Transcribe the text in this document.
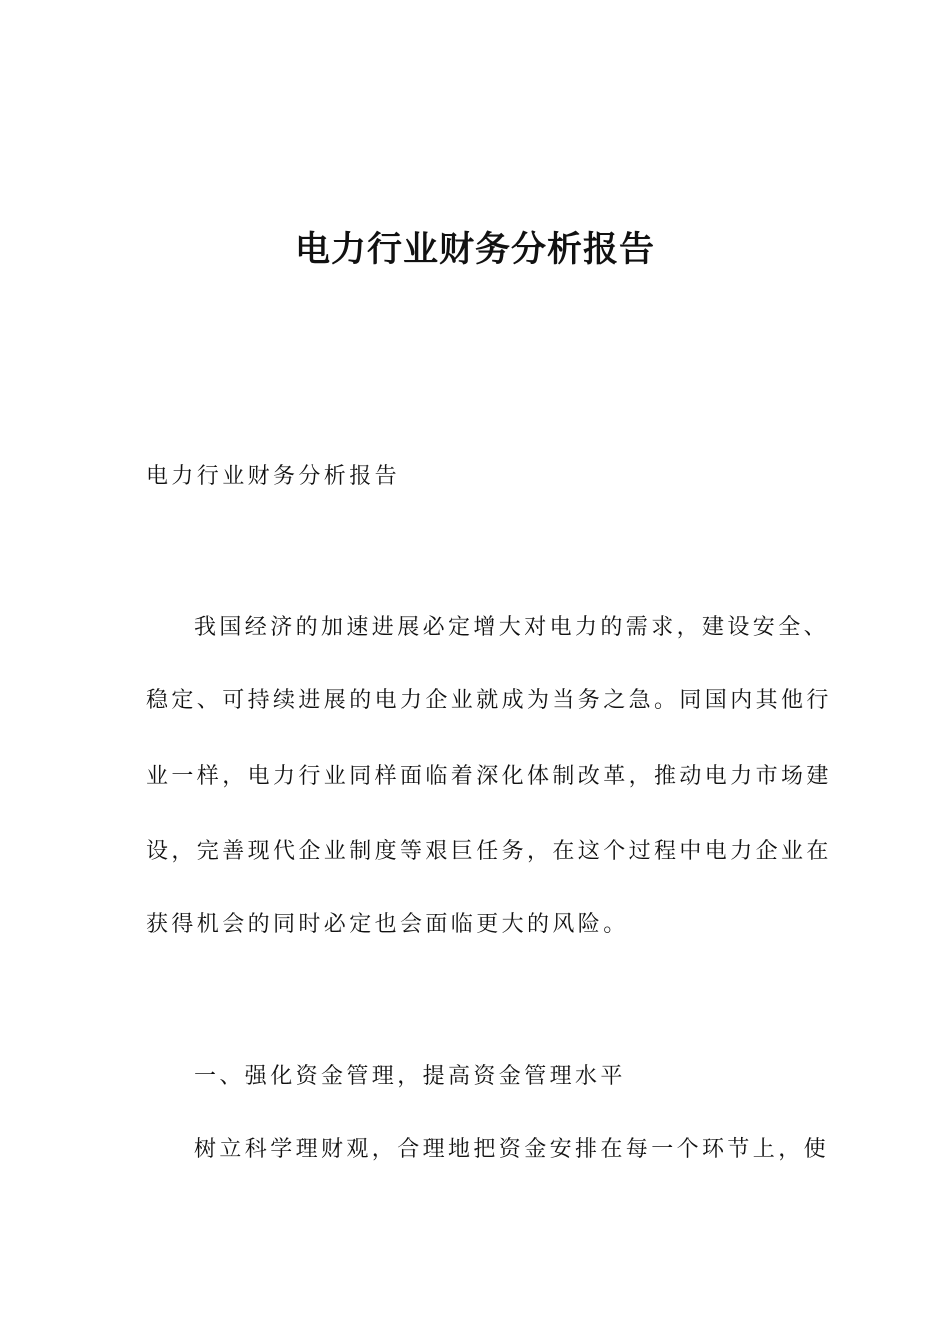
电力行业财务分析报告

电力行业财务分析报告

我国经济的加速进展必定增大对电力的需求，建设安全、

稳定、可持续进展的电力企业就成为当务之急。同国内其他行

业一样，电力行业同样面临着深化体制改革，推动电力市场建

设，完善现代企业制度等艰巨任务，在这个过程中电力企业在

获得机会的同时必定也会面临更大的风险。

一、强化资金管理，提高资金管理水平

树立科学理财观，合理地把资金安排在每一个环节上，使
